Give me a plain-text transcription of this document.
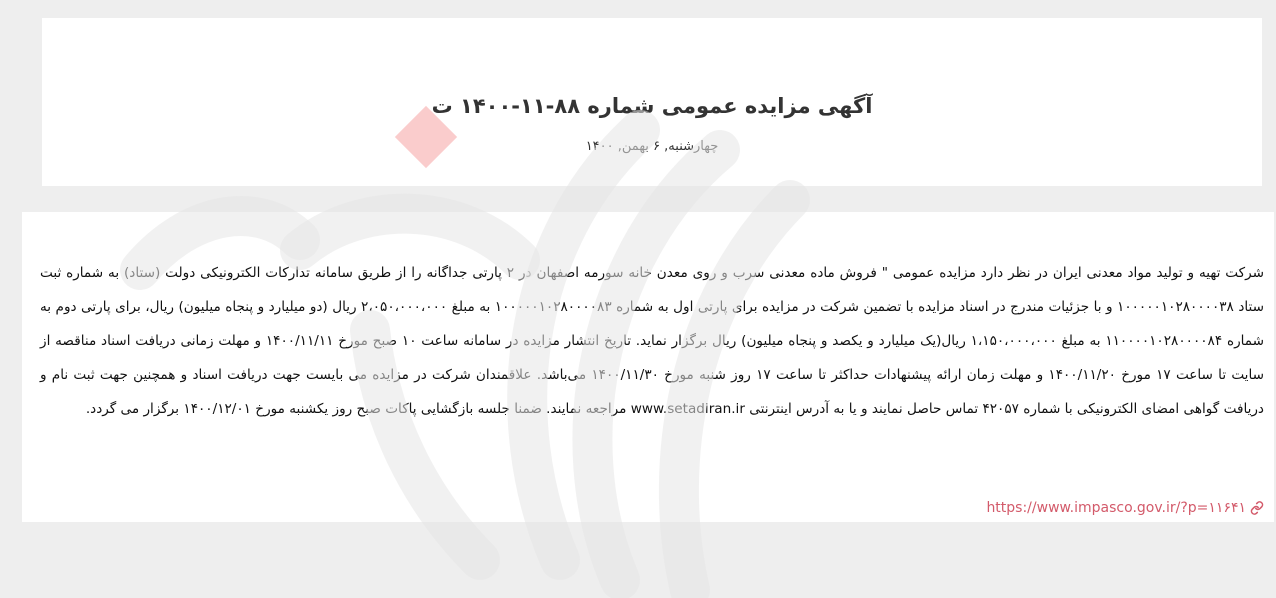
آگهی مزایده عمومی شماره ۸۸-۱۱-۱۴۰۰ ت
چهارشنبه, ۶ بهمن, ۱۴۰۰

شرکت تهیه و تولید مواد معدنی ایران در نظر دارد مزایده عمومی " فروش ماده معدنی سرب و روی معدن خانه سورمه اصفهان در ۲ پارتی جداگانه را از طریق سامانه تدارکات الکترونیکی دولت (ستاد) به شماره ثبت ستاد ۱۰۰۰۰۰۱۰۲۸۰۰۰۰۳۸ و با جزئیات مندرج در اسناد مزایده با تضمین شرکت در مزایده برای پارتی اول به شماره ۱۰۰۰۰۰۱۰۲۸۰۰۰۰۸۳ به مبلغ ۲،۰۵۰،۰۰۰،۰۰۰ ریال (دو میلیارد و پنجاه میلیون) ریال، برای پارتی دوم به شماره ۱۱۰۰۰۰۱۰۲۸۰۰۰۰۸۴ به مبلغ ۱،۱۵۰،۰۰۰،۰۰۰ ریال(یک میلیارد و یکصد و پنجاه میلیون) ریال برگزار نماید. تاریخ انتشار مزایده در سامانه ساعت ۱۰ صبح مورخ ۱۴۰۰/۱۱/۱۱ و مهلت زمانی دریافت اسناد مناقصه از سایت تا ساعت ۱۷ مورخ ۱۴۰۰/۱۱/۲۰ و مهلت زمان ارائه پیشنهادات حداکثر تا ساعت ۱۷ روز شنبه مورخ ۱۴۰۰/۱۱/۳۰ می‌باشد. علاقمندان شرکت در مزایده می بایست جهت دریافت اسناد و همچنین جهت ثبت نام و دریافت گواهی امضای الکترونیکی با شماره ۴۲۰۵۷ تماس حاصل نمایند و یا به آدرس اینترنتی www.setadiran.ir مراجعه نمایند. ضمنا جلسه بازگشایی پاکات صبح روز یکشنبه مورخ ۱۴۰۰/۱۲/۰۱ برگزار می گردد.

https://www.impasco.gov.ir/?p=۱۱۶۴۱
